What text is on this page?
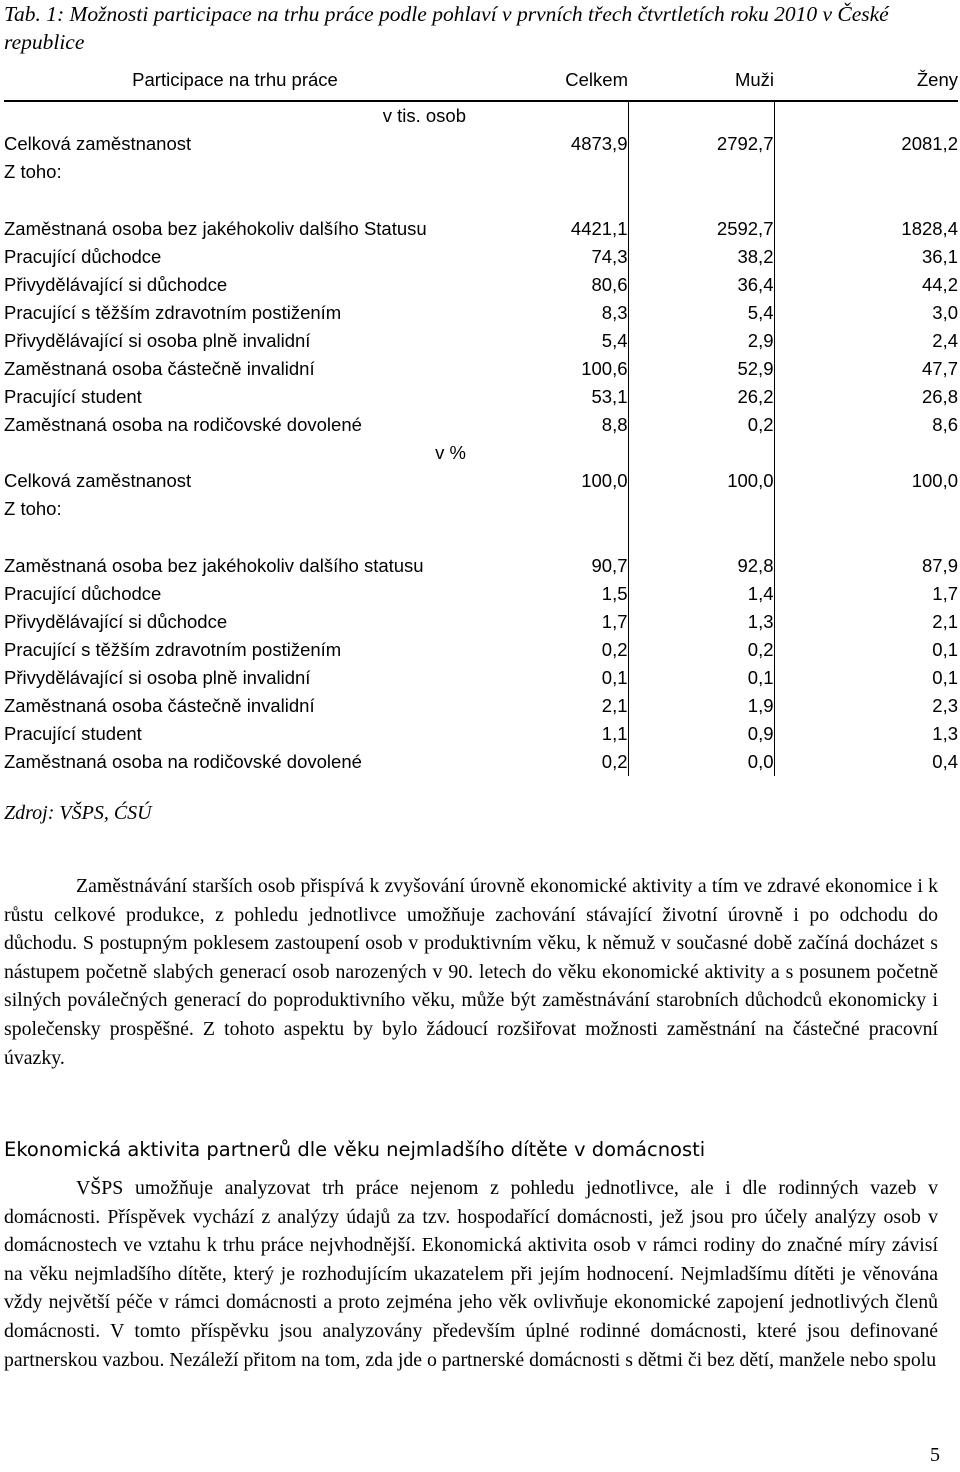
Tab. 1: Možnosti participace na trhu práce podle pohlaví v prvních třech čtvrtletích roku 2010 v České republice
Participace na trhu práce	Celkem	Muži	Ženy
v tis. osob			
Celková zaměstnanost	4873,9	2792,7	2081,2
Z toho:			
Zaměstnaná osoba bez jakéhokoliv dalšího Statusu	4421,1	2592,7	1828,4
Pracující důchodce	74,3	38,2	36,1
Přivydělávající si důchodce	80,6	36,4	44,2
Pracující s těžším zdravotním postižením	8,3	5,4	3,0
Přivydělávající si osoba plně invalidní	5,4	2,9	2,4
Zaměstnaná osoba částečně invalidní	100,6	52,9	47,7
Pracující student	53,1	26,2	26,8
Zaměstnaná osoba na rodičovské dovolené	8,8	0,2	8,6
v %			
Celková zaměstnanost	100,0	100,0	100,0
Z toho:			
Zaměstnaná osoba bez jakéhokoliv dalšího statusu	90,7	92,8	87,9
Pracující důchodce	1,5	1,4	1,7
Přivydělávající si důchodce	1,7	1,3	2,1
Pracující s těžším zdravotním postižením	0,2	0,2	0,1
Přivydělávající si osoba plně invalidní	0,1	0,1	0,1
Zaměstnaná osoba částečně invalidní	2,1	1,9	2,3
Pracující student	1,1	0,9	1,3
Zaměstnaná osoba na rodičovské dovolené	0,2	0,0	0,4
Zdroj: VŠPS, ĆSÚ

Zaměstnávání starších osob přispívá k zvyšování úrovně ekonomické aktivity a tím ve zdravé ekonomice i k růstu celkové produkce, z pohledu jednotlivce umožňuje zachování stávající životní úrovně i po odchodu do důchodu. S postupným poklesem zastoupení osob v produktivním věku, k němuž v současné době začíná docházet s nástupem početně slabých generací osob narozených v 90. letech do věku ekonomické aktivity a s posunem početně silných poválečných generací do poproduktivního věku, může být zaměstnávání starobních důchodců ekonomicky i společensky prospěšné. Z tohoto aspektu by bylo žádoucí rozšiřovat možnosti zaměstnání na částečné pracovní úvazky.

Ekonomická aktivita partnerů dle věku nejmladšího dítěte v domácnosti

VŠPS umožňuje analyzovat trh práce nejenom z pohledu jednotlivce, ale i dle rodinných vazeb v domácnosti. Příspěvek vychází z analýzy údajů za tzv. hospodařící domácnosti, jež jsou pro účely analýzy osob v domácnostech ve vztahu k trhu práce nejvhodnější. Ekonomická aktivita osob v rámci rodiny do značné míry závisí na věku nejmladšího dítěte, který je rozhodujícím ukazatelem při jejím hodnocení. Nejmladšímu dítěti je věnována vždy největší péče v rámci domácnosti a proto zejména jeho věk ovlivňuje ekonomické zapojení jednotlivých členů domácnosti. V tomto příspěvku jsou analyzovány především úplné rodinné domácnosti, které jsou definované partnerskou vazbou. Nezáleží přitom na tom, zda jde o partnerské domácnosti s dětmi či bez dětí, manžele nebo spolu

5
